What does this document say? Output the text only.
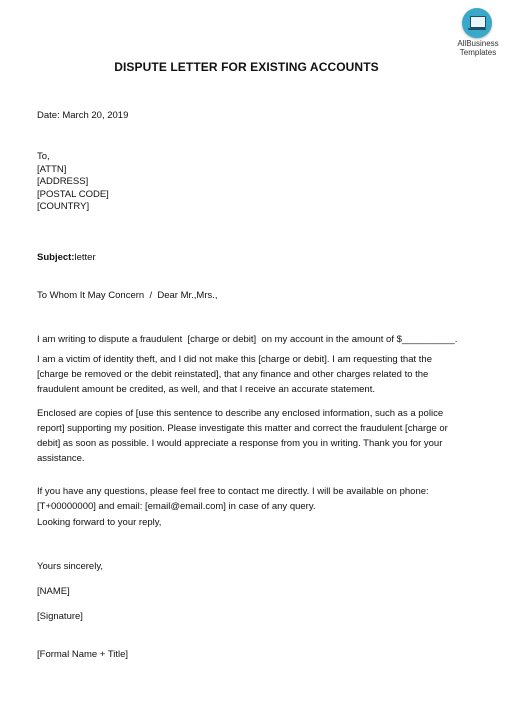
AllBusiness
Templates
DISPUTE LETTER FOR EXISTING ACCOUNTS
Date: March 20, 2019
To,
[ATTN]
[ADDRESS]
[POSTAL CODE]
[COUNTRY]
Subject:letter
To Whom It May Concern  /  Dear Mr.,Mrs.,
I am writing to dispute a fraudulent  [charge or debit]  on my account in the amount of $__________.
I am a victim of identity theft, and I did not make this [charge or debit]. I am requesting that the [charge be removed or the debit reinstated], that any finance and other charges related to the fraudulent amount be credited, as well, and that I receive an accurate statement.
Enclosed are copies of [use this sentence to describe any enclosed information, such as a police report] supporting my position. Please investigate this matter and correct the fraudulent [charge or debit] as soon as possible. I would appreciate a response from you in writing. Thank you for your assistance.
If you have any questions, please feel free to contact me directly. I will be available on phone: [T+00000000] and email: [email@email.com] in case of any query.
Looking forward to your reply,
Yours sincerely,
[NAME]
[Signature]
[Formal Name + Title]
